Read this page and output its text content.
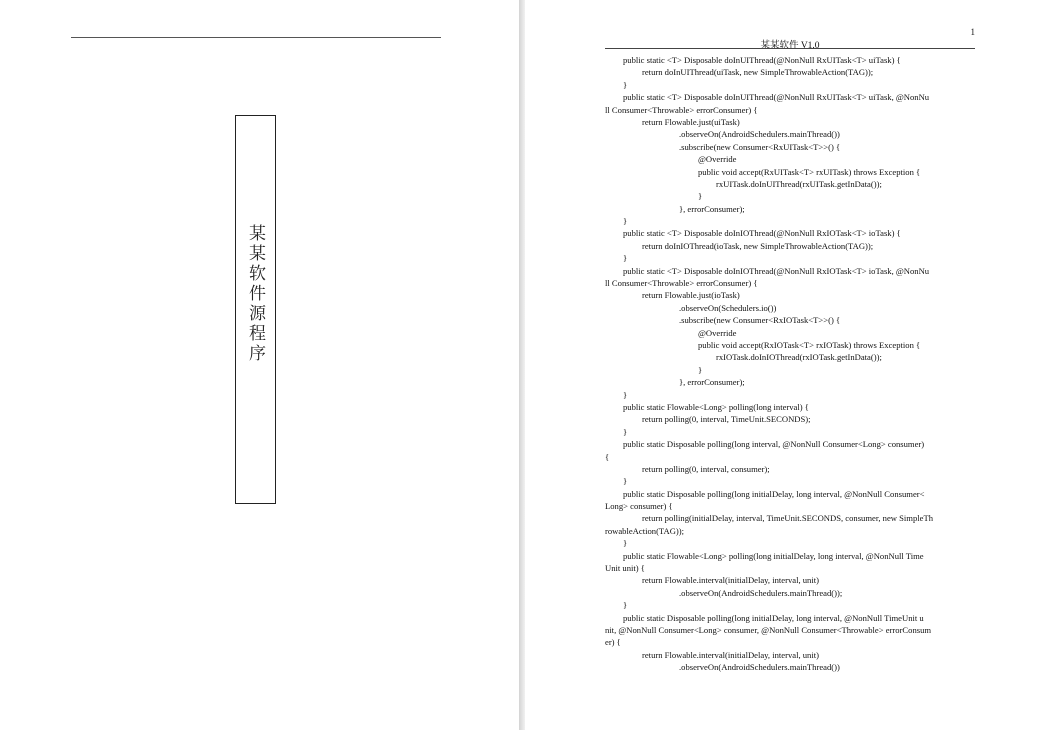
某某软件源程序
1
某某软件 V1.0
public static <T> Disposable doInUIThread(@NonNull RxUITask<T> uiTask) {
return doInUIThread(uiTask, new SimpleThrowableAction(TAG));
}
public static <T> Disposable doInUIThread(@NonNull RxUITask<T> uiTask, @NonNu
ll Consumer<Throwable> errorConsumer) {
return Flowable.just(uiTask)
.observeOn(AndroidSchedulers.mainThread())
.subscribe(new Consumer<RxUITask<T>>() {
@Override
public void accept(RxUITask<T> rxUITask) throws Exception {
rxUITask.doInUIThread(rxUITask.getInData());
}
}, errorConsumer);
}
public static <T> Disposable doInIOThread(@NonNull RxIOTask<T> ioTask) {
return doInIOThread(ioTask, new SimpleThrowableAction(TAG));
}
public static <T> Disposable doInIOThread(@NonNull RxIOTask<T> ioTask, @NonNu
ll Consumer<Throwable> errorConsumer) {
return Flowable.just(ioTask)
.observeOn(Schedulers.io())
.subscribe(new Consumer<RxIOTask<T>>() {
@Override
public void accept(RxIOTask<T> rxIOTask) throws Exception {
rxIOTask.doInIOThread(rxIOTask.getInData());
}
}, errorConsumer);
}
public static Flowable<Long> polling(long interval) {
return polling(0, interval, TimeUnit.SECONDS);
}
public static Disposable polling(long interval, @NonNull Consumer<Long> consumer)
{
return polling(0, interval, consumer);
}
public static Disposable polling(long initialDelay, long interval, @NonNull Consumer<
Long> consumer) {
return polling(initialDelay, interval, TimeUnit.SECONDS, consumer, new SimpleTh
rowableAction(TAG));
}
public static Flowable<Long> polling(long initialDelay, long interval, @NonNull Time
Unit unit) {
return Flowable.interval(initialDelay, interval, unit)
.observeOn(AndroidSchedulers.mainThread());
}
public static Disposable polling(long initialDelay, long interval, @NonNull TimeUnit u
nit, @NonNull Consumer<Long> consumer, @NonNull Consumer<Throwable> errorConsum
er) {
return Flowable.interval(initialDelay, interval, unit)
.observeOn(AndroidSchedulers.mainThread())
